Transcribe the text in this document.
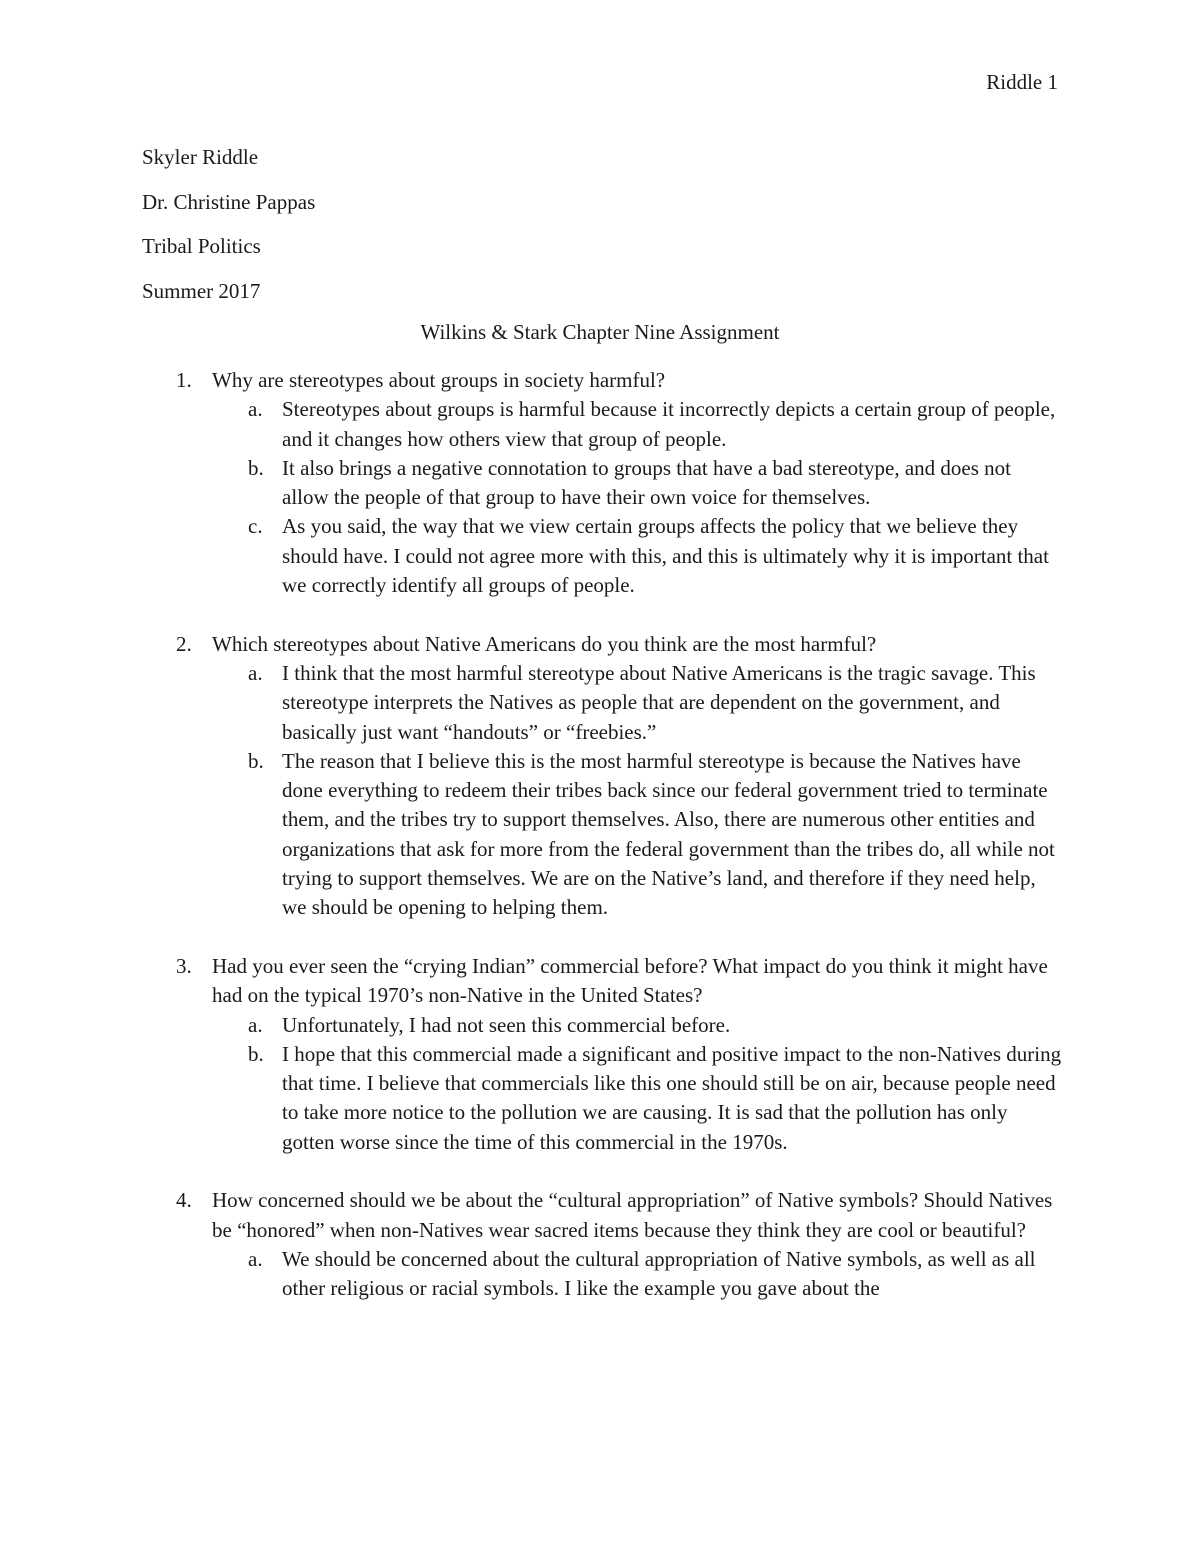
Riddle 1
Skyler Riddle
Dr. Christine Pappas
Tribal Politics
Summer 2017
Wilkins & Stark Chapter Nine Assignment
1. Why are stereotypes about groups in society harmful?
a. Stereotypes about groups is harmful because it incorrectly depicts a certain group of people, and it changes how others view that group of people.
b. It also brings a negative connotation to groups that have a bad stereotype, and does not allow the people of that group to have their own voice for themselves.
c. As you said, the way that we view certain groups affects the policy that we believe they should have. I could not agree more with this, and this is ultimately why it is important that we correctly identify all groups of people.
2. Which stereotypes about Native Americans do you think are the most harmful?
a. I think that the most harmful stereotype about Native Americans is the tragic savage. This stereotype interprets the Natives as people that are dependent on the government, and basically just want “handouts” or “freebies.”
b. The reason that I believe this is the most harmful stereotype is because the Natives have done everything to redeem their tribes back since our federal government tried to terminate them, and the tribes try to support themselves. Also, there are numerous other entities and organizations that ask for more from the federal government than the tribes do, all while not trying to support themselves. We are on the Native’s land, and therefore if they need help, we should be opening to helping them.
3. Had you ever seen the “crying Indian” commercial before? What impact do you think it might have had on the typical 1970’s non-Native in the United States?
a. Unfortunately, I had not seen this commercial before.
b. I hope that this commercial made a significant and positive impact to the non-Natives during that time. I believe that commercials like this one should still be on air, because people need to take more notice to the pollution we are causing. It is sad that the pollution has only gotten worse since the time of this commercial in the 1970s.
4. How concerned should we be about the “cultural appropriation” of Native symbols? Should Natives be “honored” when non-Natives wear sacred items because they think they are cool or beautiful?
a. We should be concerned about the cultural appropriation of Native symbols, as well as all other religious or racial symbols. I like the example you gave about the
